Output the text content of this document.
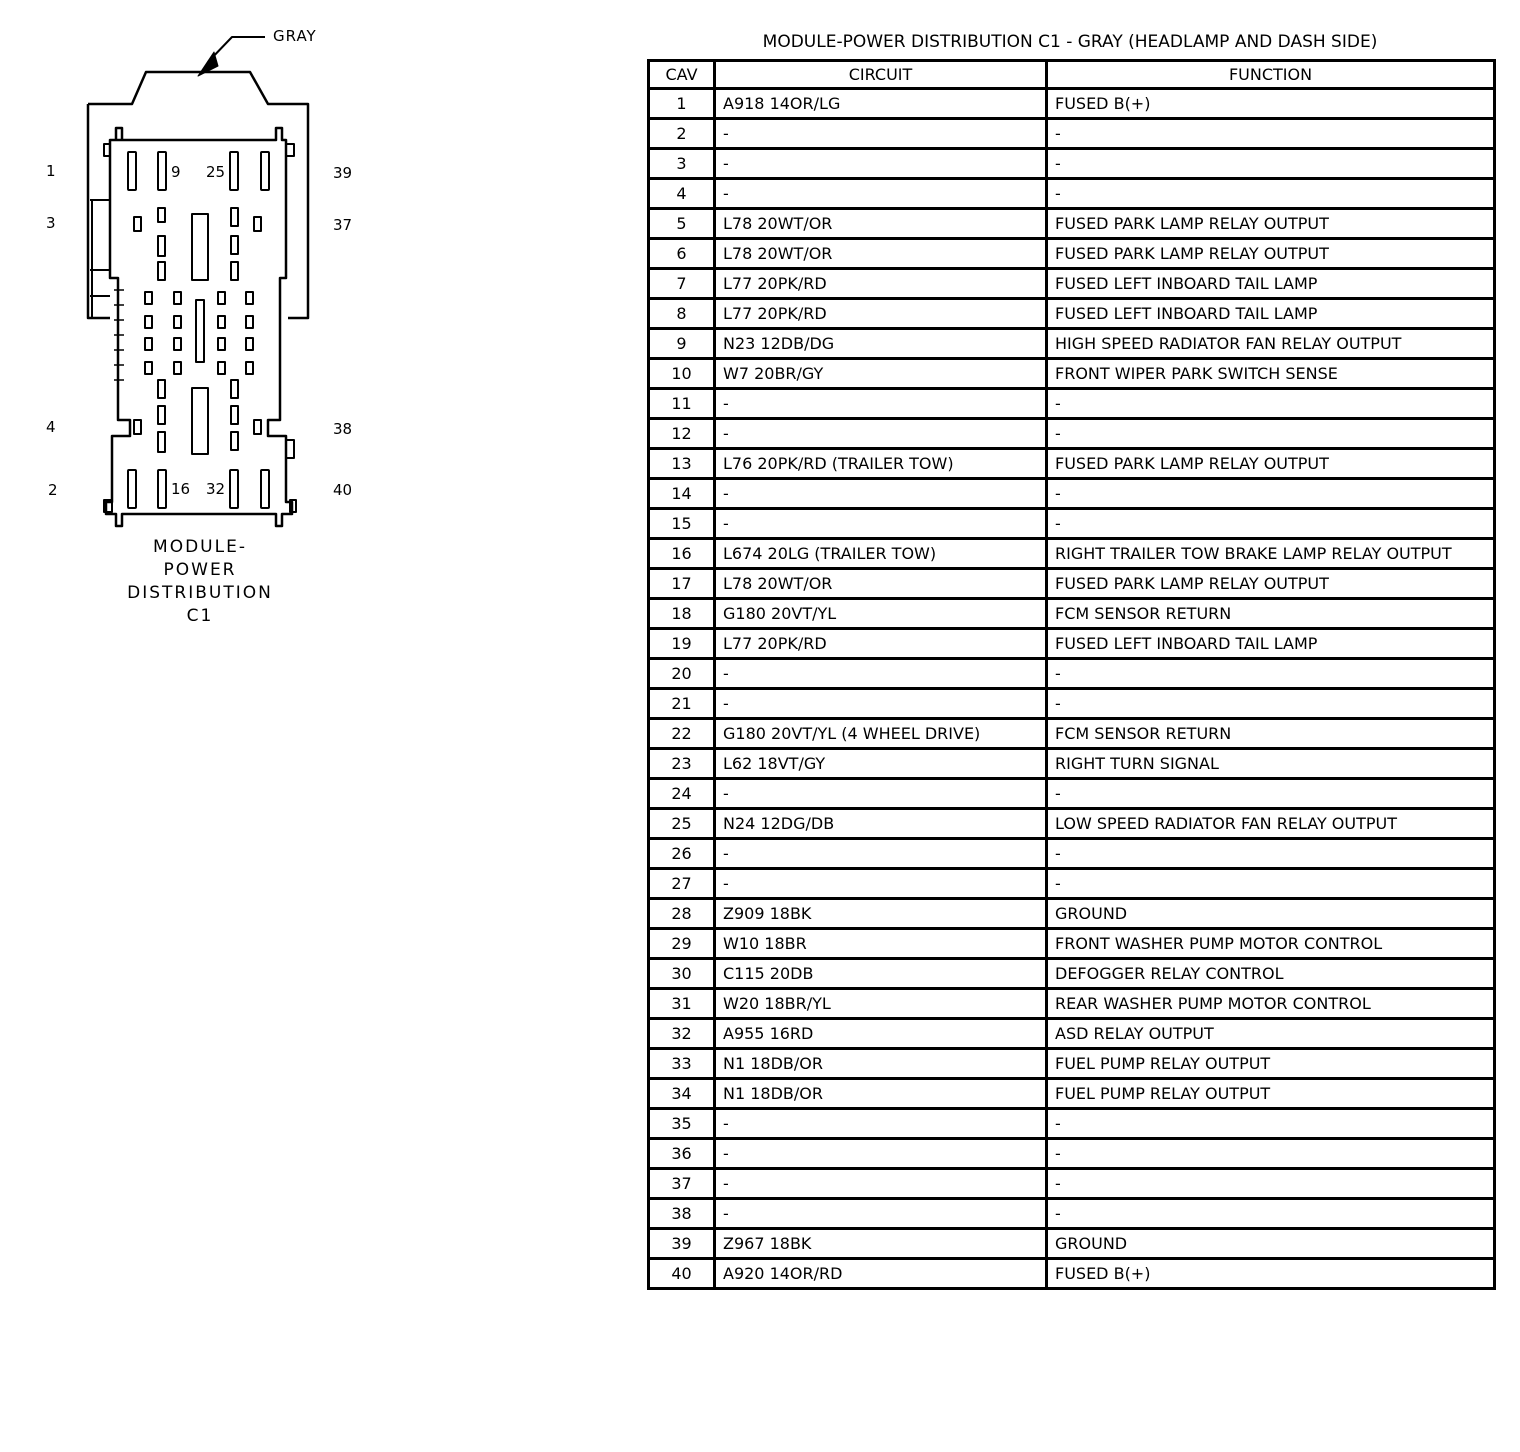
GRAY
1
3
4
2
39
37
38
40
9 25
16 32
MODULE-
POWER
DISTRIBUTION
C1
MODULE-POWER DISTRIBUTION C1 - GRAY (HEADLAMP AND DASH SIDE)
CAV	CIRCUIT	FUNCTION
1	A918 14OR/LG	FUSED B(+)
2	-	-
3	-	-
4	-	-
5	L78 20WT/OR	FUSED PARK LAMP RELAY OUTPUT
6	L78 20WT/OR	FUSED PARK LAMP RELAY OUTPUT
7	L77 20PK/RD	FUSED LEFT INBOARD TAIL LAMP
8	L77 20PK/RD	FUSED LEFT INBOARD TAIL LAMP
9	N23 12DB/DG	HIGH SPEED RADIATOR FAN RELAY OUTPUT
10	W7 20BR/GY	FRONT WIPER PARK SWITCH SENSE
11	-	-
12	-	-
13	L76 20PK/RD (TRAILER TOW)	FUSED PARK LAMP RELAY OUTPUT
14	-	-
15	-	-
16	L674 20LG (TRAILER TOW)	RIGHT TRAILER TOW BRAKE LAMP RELAY OUTPUT
17	L78 20WT/OR	FUSED PARK LAMP RELAY OUTPUT
18	G180 20VT/YL	FCM SENSOR RETURN
19	L77 20PK/RD	FUSED LEFT INBOARD TAIL LAMP
20	-	-
21	-	-
22	G180 20VT/YL (4 WHEEL DRIVE)	FCM SENSOR RETURN
23	L62 18VT/GY	RIGHT TURN SIGNAL
24	-	-
25	N24 12DG/DB	LOW SPEED RADIATOR FAN RELAY OUTPUT
26	-	-
27	-	-
28	Z909 18BK	GROUND
29	W10 18BR	FRONT WASHER PUMP MOTOR CONTROL
30	C115 20DB	DEFOGGER RELAY CONTROL
31	W20 18BR/YL	REAR WASHER PUMP MOTOR CONTROL
32	A955 16RD	ASD RELAY OUTPUT
33	N1 18DB/OR	FUEL PUMP RELAY OUTPUT
34	N1 18DB/OR	FUEL PUMP RELAY OUTPUT
35	-	-
36	-	-
37	-	-
38	-	-
39	Z967 18BK	GROUND
40	A920 14OR/RD	FUSED B(+)
